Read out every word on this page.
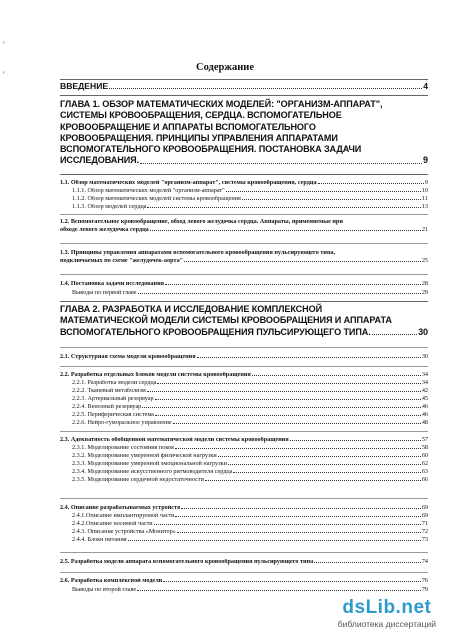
'
'
Содержание
ВВЕДЕНИЕ	4
ГЛАВА 1. ОБЗОР МАТЕМАТИЧЕСКИХ МОДЕЛЕЙ: "ОРГАНИЗМ-АППАРАТ",
СИСТЕМЫ КРОВООБРАЩЕНИЯ, СЕРДЦА. ВСПОМОГАТЕЛЬНОЕ
КРОВООБРАЩЕНИЕ И АППАРАТЫ ВСПОМОГАТЕЛЬНОГО
КРОВООБРАЩЕНИЯ. ПРИНЦИПЫ УПРАВЛЕНИЯ АППАРАТАМИ
ВСПОМОГАТЕЛЬНОГО КРОВООБРАЩЕНИЯ. ПОСТАНОВКА ЗАДАЧИ
ИССЛЕДОВАНИЯ.	9
1.1. Обзор математических моделей "организм-аппарат", системы кровообращения, сердца	9
1.1.1. Обзор математических моделей "организм-аппарат"	10
1.1.2. Обзор математических моделей системы кровообращения	11
1.1.3. Обзор моделей сердца	13
1.2. Вспомогательное кровообращение, обход левого желудочка сердца. Аппараты, применяемые при
обходе левого желудочка сердца	21
1.3. Принципы управления аппаратами вспомогательного кровообращения пульсирующего типа,
подключаемых по схеме "желудочек-аорта"	25
1.4. Постановка задачи исследования	28
Выводы по первой главе	29
ГЛАВА 2. РАЗРАБОТКА И ИССЛЕДОВАНИЕ КОМПЛЕКСНОЙ
МАТЕМАТИЧЕСКОЙ МОДЕЛИ СИСТЕМЫ КРОВООБРАЩЕНИЯ И АППАРАТА
ВСПОМОГАТЕЛЬНОГО КРОВООБРАЩЕНИЯ ПУЛЬСИРУЮЩЕГО ТИПА.	30
2.1. Структурная схема модели кровообращения	30
2.2. Разработка отдельных блоков модели системы кровообращения	34
2.2.1. Разработка модели сердца	34
2.2.2. Тканевый метаболизм	42
2.2.3. Артериальный резервуар	45
2.2.4. Венозный резервуар	46
2.2.5. Периферическая система	46
2.2.6. Нейро-гуморальное управление	48
2.3. Адекватность обобщенной математической модели системы кровообращения	57
2.3.1. Моделирование состояния покоя	58
2.3.2. Моделирование умеренной физической нагрузки	60
2.3.3. Моделирование умеренной эмоциональной нагрузки	62
2.3.4. Моделирование искусственного ритмоводителя сердца	63
2.3.5. Моделирование сердечной недостаточности	66
2.4. Описание разрабатываемых устройств	69
2.4.1.Описание имплантируемой части	69
2.4.2.Описание носимой части	71
2.4.3. Описание устройства «Монитор»	72
2.4.4. Блоки питания	73
2.5. Разработка модели аппарата вспомогательного кровообращения пульсирующего типа	74
2.6. Разработка комплексной модели	76
Выводы по второй главе	79
dsLib.net
библиотека диссертаций
